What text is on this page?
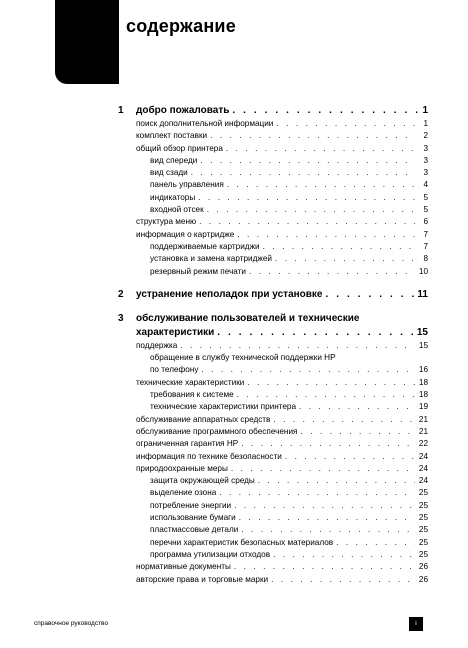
содержание
1	добро пожаловать . . .	1
поиск дополнительной информации . . .	1
комплект поставки . . .	2
общий обзор принтера . . .	3
вид спереди . . .	3
вид сзади . . .	3
панель управления . . .	4
индикаторы . . .	5
входной отсек . . .	5
структура меню . . .	6
информация о картридже . . .	7
поддерживаемые картриджи . . .	7
установка и замена картриджей . . .	8
резервный режим печати . . .	10
2	устранение неполадок при установке . . .	11
3	обслуживание пользователей и технические
характеристики . . .	15
поддержка . . .	15
обращение в службу технической поддержки HP
по телефону . . .	16
технические характеристики . . .	18
требования к системе . . .	18
технические характеристики принтера . . .	19
обслуживание аппаратных средств . . .	21
обслуживание программного обеспечения . . .	21
ограниченная гарантия HP . . .	22
информация по технике безопасности . . .	24
природоохранные меры . . .	24
защита окружающей среды . . .	24
выделение озона . . .	25
потребление энергии . . .	25
использование бумаги . . .	25
пластмассовые детали . . .	25
перечни характеристик безопасных материалов . . .	25
программа утилизации отходов . . .	25
нормативные документы . . .	26
авторские права и торговые марки . . .	26
справочное руководство	i
